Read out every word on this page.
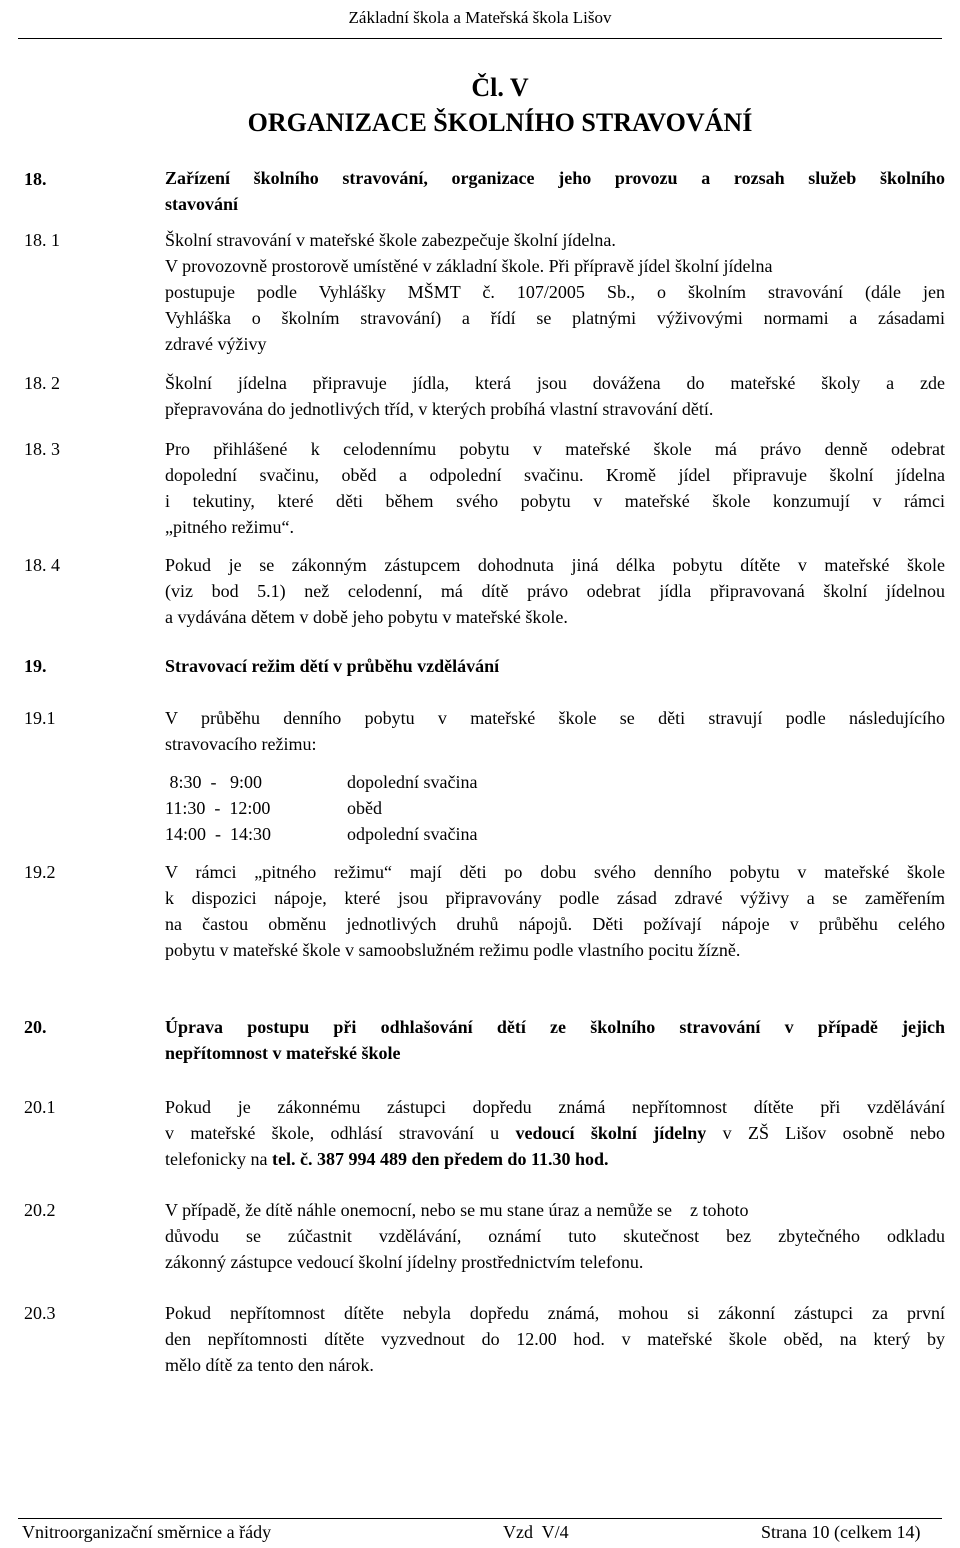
Základní škola a Mateřská škola Lišov
Čl. V
ORGANIZACE ŠKOLNÍHO STRAVOVÁNÍ
18.	Zařízení školního stravování, organizace jeho provozu a rozsah služeb školního
stavování
18. 1	Školní stravování v mateřské škole zabezpečuje školní jídelna.
V provozovně prostorově umístěné v základní škole. Při přípravě jídel školní jídelna
postupuje podle Vyhlášky MŠMT č. 107/2005 Sb., o školním stravování (dále jen
Vyhláška o školním stravování) a řídí se platnými výživovými normami a zásadami
zdravé výživy
18. 2	Školní jídelna připravuje jídla, která jsou dovážena do mateřské školy a zde
přepravována do jednotlivých tříd, v kterých probíhá vlastní stravování dětí.
18. 3	Pro přihlášené k celodennímu pobytu v mateřské škole má právo denně odebrat
dopolední svačinu, oběd a odpolední svačinu. Kromě jídel připravuje školní jídelna
i tekutiny, které děti během svého pobytu v mateřské škole konzumují v rámci
„pitného režimu“.
18. 4	Pokud je se zákonným zástupcem dohodnuta jiná délka pobytu dítěte v mateřské škole
(viz bod 5.1) než celodenní, má dítě právo odebrat jídla připravovaná školní jídelnou
a vydávána dětem v době jeho pobytu v mateřské škole.
19.	Stravovací režim dětí v průběhu vzdělávání
19.1	V průběhu denního pobytu v mateřské škole se děti stravují podle následujícího
stravovacího režimu:
8:30  -   9:00	dopolední svačina
11:30  -  12:00	oběd
14:00  -  14:30	odpolední svačina
19.2	V rámci „pitného režimu“ mají děti po dobu svého denního pobytu v mateřské škole
k dispozici nápoje, které jsou připravovány podle zásad zdravé výživy a se zaměřením
na častou obměnu jednotlivých druhů nápojů. Děti požívají nápoje v průběhu celého
pobytu v mateřské škole v samoobslužném režimu podle vlastního pocitu žízně.
20.	Úprava postupu při odhlašování dětí ze školního stravování v případě jejich
nepřítomnost v mateřské škole
20.1	Pokud je zákonnému zástupci dopředu známá nepřítomnost dítěte při vzdělávání
v mateřské škole, odhlásí stravování u vedoucí školní jídelny v ZŠ Lišov osobně nebo
telefonicky na tel. č. 387 994 489 den předem do 11.30 hod.
20.2	V případě, že dítě náhle onemocní, nebo se mu stane úraz a nemůže se    z tohoto
důvodu se zúčastnit vzdělávání, oznámí tuto skutečnost bez zbytečného odkladu
zákonný zástupce vedoucí školní jídelny prostřednictvím telefonu.
20.3	Pokud nepřítomnost dítěte nebyla dopředu známá, mohou si zákonní zástupci za první
den nepřítomnosti dítěte vyzvednout do 12.00 hod. v mateřské škole oběd, na který by
mělo dítě za tento den nárok.
Vnitroorganizační směrnice a řády	Vzd  V/4	Strana 10 (celkem 14)
